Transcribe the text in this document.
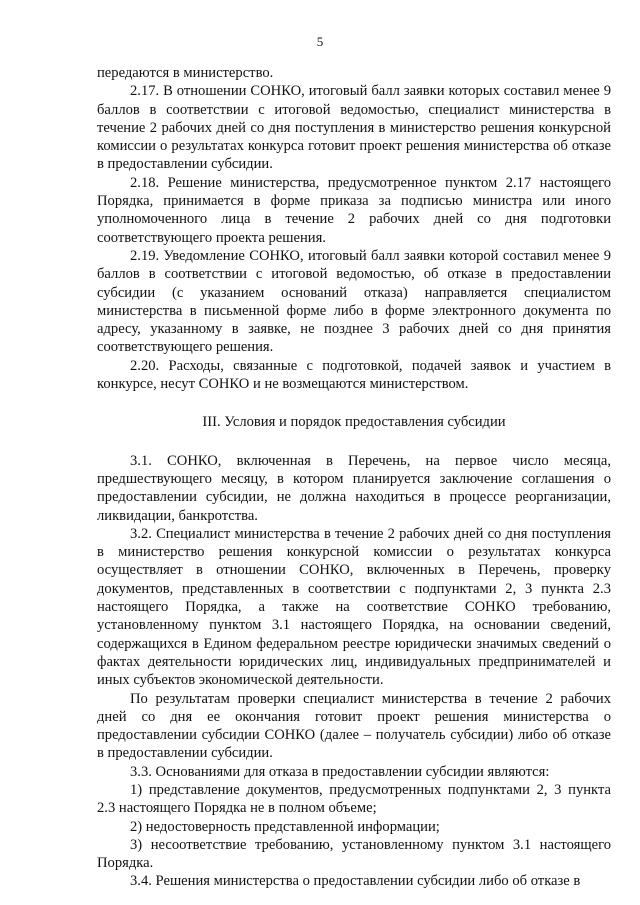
5

передаются в министерство.

2.17. В отношении СОНКО, итоговый балл заявки которых составил менее 9 баллов в соответствии с итоговой ведомостью, специалист министерства в течение 2 рабочих дней со дня поступления в министерство решения конкурсной комиссии о результатах конкурса готовит проект решения министерства об отказе в предоставлении субсидии.

2.18. Решение министерства, предусмотренное пунктом 2.17 настоящего Порядка, принимается в форме приказа за подписью министра или иного уполномоченного лица в течение 2 рабочих дней со дня подготовки соответствующего проекта решения.

2.19. Уведомление СОНКО, итоговый балл заявки которой составил менее 9 баллов в соответствии с итоговой ведомостью, об отказе в предоставлении субсидии (с указанием оснований отказа) направляется специалистом министерства в письменной форме либо в форме электронного документа по адресу, указанному в заявке, не позднее 3 рабочих дней со дня принятия соответствующего решения.

2.20. Расходы, связанные с подготовкой, подачей заявок и участием в конкурсе, несут СОНКО и не возмещаются министерством.

III. Условия и порядок предоставления субсидии

3.1. СОНКО, включенная в Перечень, на первое число месяца, предшествующего месяцу, в котором планируется заключение соглашения о предоставлении субсидии, не должна находиться в процессе реорганизации, ликвидации, банкротства.

3.2. Специалист министерства в течение 2 рабочих дней со дня поступления в министерство решения конкурсной комиссии о результатах конкурса осуществляет в отношении СОНКО, включенных в Перечень, проверку документов, представленных в соответствии с подпунктами 2, 3 пункта 2.3 настоящего Порядка, а также на соответствие СОНКО требованию, установленному пунктом 3.1 настоящего Порядка, на основании сведений, содержащихся в Едином федеральном реестре юридически значимых сведений о фактах деятельности юридических лиц, индивидуальных предпринимателей и иных субъектов экономической деятельности.

По результатам проверки специалист министерства в течение 2 рабочих дней со дня ее окончания готовит проект решения министерства о предоставлении субсидии СОНКО (далее – получатель субсидии) либо об отказе в предоставлении субсидии.

3.3. Основаниями для отказа в предоставлении субсидии являются:

1) представление документов, предусмотренных подпунктами 2, 3 пункта 2.3 настоящего Порядка не в полном объеме;

2) недостоверность представленной информации;

3) несоответствие требованию, установленному пунктом 3.1 настоящего Порядка.

3.4. Решения министерства о предоставлении субсидии либо об отказе в
